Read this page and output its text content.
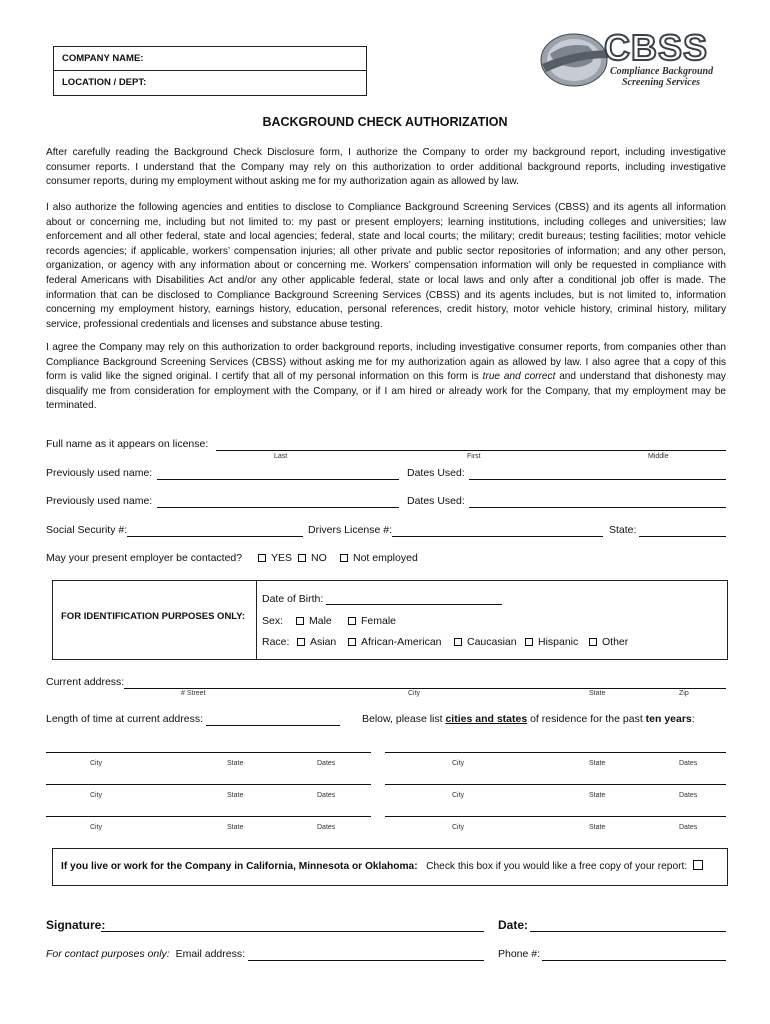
COMPANY NAME:
LOCATION / DEPT:
CBSS
Compliance Background
Screening Services
BACKGROUND CHECK AUTHORIZATION
After carefully reading the Background Check Disclosure form, I authorize the Company to order my background report, including investigative consumer reports. I understand that the Company may rely on this authorization to order additional background reports, including investigative consumer reports, during my employment without asking me for my authorization again as allowed by law.
I also authorize the following agencies and entities to disclose to Compliance Background Screening Services (CBSS) and its agents all information about or concerning me, including but not limited to: my past or present employers; learning institutions, including colleges and universities; law enforcement and all other federal, state and local agencies; federal, state and local courts; the military; credit bureaus; testing facilities; motor vehicle records agencies; if applicable, workers’ compensation injuries; all other private and public sector repositories of information; and any other person, organization, or agency with any information about or concerning me. Workers’ compensation information will only be requested in compliance with federal Americans with Disabilities Act and/or any other applicable federal, state or local laws and only after a conditional job offer is made. The information that can be disclosed to Compliance Background Screening Services (CBSS) and its agents includes, but is not limited to, information concerning my employment history, earnings history, education, personal references, credit history, motor vehicle history, criminal history, military service, professional credentials and licenses and substance abuse testing.
I agree the Company may rely on this authorization to order background reports, including investigative consumer reports, from companies other than Compliance Background Screening Services (CBSS) without asking me for my authorization again as allowed by law. I also agree that a copy of this form is valid like the signed original. I certify that all of my personal information on this form is true and correct and understand that dishonesty may disqualify me from consideration for employment with the Company, or if I am hired or already work for the Company, that my employment may be terminated.
Full name as it appears on license:
Last	First	Middle
Previously used name:	Dates Used:
Previously used name:	Dates Used:
Social Security #:	Drivers License #:	State:
May your present employer be contacted?	YES	NO	Not employed
FOR IDENTIFICATION PURPOSES ONLY:
Date of Birth:
Sex:	Male	Female
Race:	Asian	African-American	Caucasian	Hispanic	Other
Current address:
# Street	City	State	Zip
Length of time at current address:	Below, please list cities and states of residence for the past ten years:
City	State	Dates	City	State	Dates
City	State	Dates	City	State	Dates
City	State	Dates	City	State	Dates
If you live or work for the Company in California, Minnesota or Oklahoma: Check this box if you would like a free copy of your report:
Signature:	Date:
For contact purposes only: Email address:	Phone #:
